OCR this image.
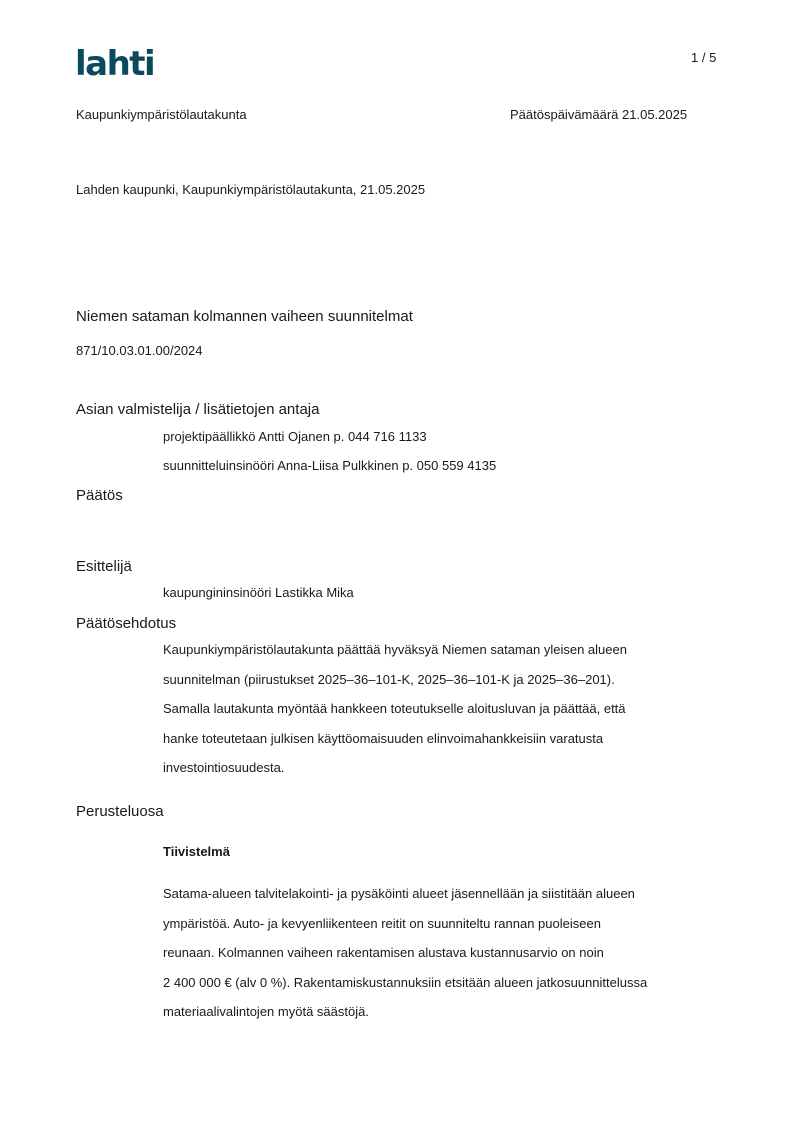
lahti	1 / 5
Kaupunkiympäristölautakunta	Päätöspäivämäärä 21.05.2025
Lahden kaupunki, Kaupunkiympäristölautakunta, 21.05.2025
Niemen sataman kolmannen vaiheen suunnitelmat
871/10.03.01.00/2024
Asian valmistelija / lisätietojen antaja
projektipäällikkö Antti Ojanen p. 044 716 1133
suunnitteluinsinööri Anna-Liisa Pulkkinen p. 050 559 4135
Päätös
Esittelijä
kaupungininsinööri Lastikka Mika
Päätösehdotus
Kaupunkiympäristölautakunta päättää hyväksyä Niemen sataman yleisen alueen
suunnitelman (piirustukset 2025–36–101-K, 2025–36–101-K ja 2025–36–201).
Samalla lautakunta myöntää hankkeen toteutukselle aloitusluvan ja päättää, että
hanke toteutetaan julkisen käyttöomaisuuden elinvoimahankkeisiin varatusta
investointiosuudesta.
Perusteluosa
Tiivistelmä
Satama-alueen talvitelakointi- ja pysäköinti alueet jäsennellään ja siistitään alueen
ympäristöä. Auto- ja kevyenliikenteen reitit on suunniteltu rannan puoleiseen
reunaan. Kolmannen vaiheen rakentamisen alustava kustannusarvio on noin
2 400 000 € (alv 0 %). Rakentamiskustannuksiin etsitään alueen jatkosuunnittelussa
materiaalivalintojen myötä säästöjä.
